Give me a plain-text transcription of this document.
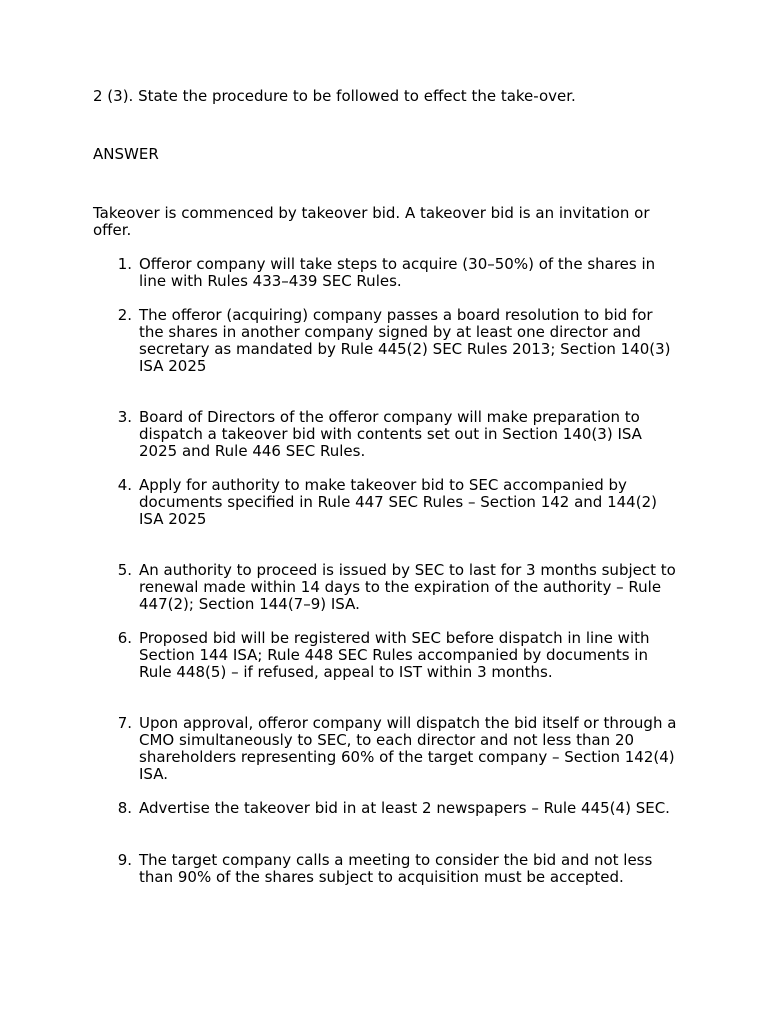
2 (3). State the procedure to be followed to effect the take-over.

ANSWER

Takeover is commenced by takeover bid. A takeover bid is an invitation or offer.

1. Offeror company will take steps to acquire (30–50%) of the shares in line with Rules 433–439 SEC Rules.
2. The offeror (acquiring) company passes a board resolution to bid for the shares in another company signed by at least one director and secretary as mandated by Rule 445(2) SEC Rules 2013; Section 140(3) ISA 2025
3. Board of Directors of the offeror company will make preparation to dispatch a takeover bid with contents set out in Section 140(3) ISA 2025 and Rule 446 SEC Rules.
4. Apply for authority to make takeover bid to SEC accompanied by documents specified in Rule 447 SEC Rules – Section 142 and 144(2) ISA 2025
5. An authority to proceed is issued by SEC to last for 3 months subject to renewal made within 14 days to the expiration of the authority – Rule 447(2); Section 144(7–9) ISA.
6. Proposed bid will be registered with SEC before dispatch in line with Section 144 ISA; Rule 448 SEC Rules accompanied by documents in Rule 448(5) – if refused, appeal to IST within 3 months.
7. Upon approval, offeror company will dispatch the bid itself or through a CMO simultaneously to SEC, to each director and not less than 20 shareholders representing 60% of the target company – Section 142(4) ISA.
8. Advertise the takeover bid in at least 2 newspapers – Rule 445(4) SEC.
9. The target company calls a meeting to consider the bid and not less than 90% of the shares subject to acquisition must be accepted.
